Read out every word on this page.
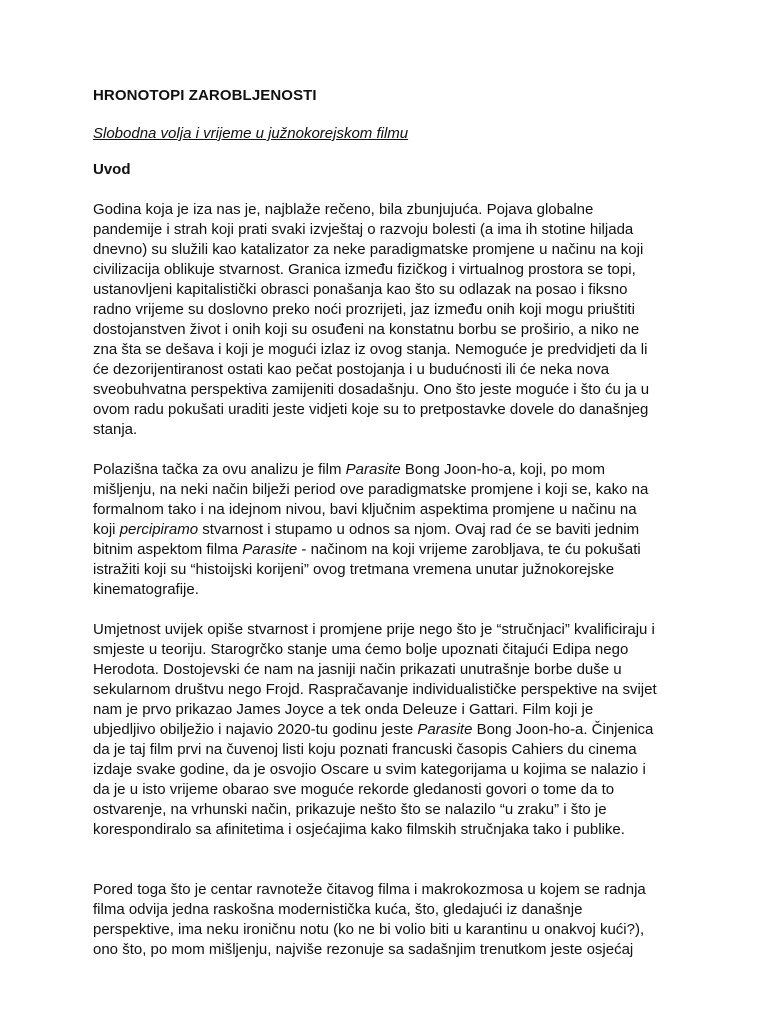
HRONOTOPI ZAROBLJENOSTI

Slobodna volja i vrijeme u južnokorejskom filmu

Uvod
Godina koja je iza nas je, najblaže rečeno, bila zbunjujuća. Pojava globalne
pandemije i strah koji prati svaki izvještaj o razvoju bolesti (a ima ih stotine hiljada
dnevno) su služili kao katalizator za neke paradigmatske promjene u načinu na koji
civilizacija oblikuje stvarnost. Granica između fizičkog i virtualnog prostora se topi,
ustanovljeni kapitalistički obrasci ponašanja kao što su odlazak na posao i fiksno
radno vrijeme su doslovno preko noći prozrijeti, jaz između onih koji mogu priuštiti
dostojanstven život i onih koji su osuđeni na konstatnu borbu se proširio, a niko ne
zna šta se dešava i koji je mogući izlaz iz ovog stanja. Nemoguće je predvidjeti da li
će dezorijentiranost ostati kao pečat postojanja i u budućnosti ili će neka nova
sveobuhvatna perspektiva zamijeniti dosadašnju. Ono što jeste moguće i što ću ja u
ovom radu pokušati uraditi jeste vidjeti koje su to pretpostavke dovele do današnjeg
stanja.
Polazišna tačka za ovu analizu je film Parasite Bong Joon-ho-a, koji, po mom
mišljenju, na neki način bilježi period ove paradigmatske promjene i koji se, kako na
formalnom tako i na idejnom nivou, bavi ključnim aspektima promjene u načinu na
koji percipiramo stvarnost i stupamo u odnos sa njom. Ovaj rad će se baviti jednim
bitnim aspektom filma Parasite - načinom na koji vrijeme zarobljava, te ću pokušati
istražiti koji su “histoijski korijeni” ovog tretmana vremena unutar južnokorejske
kinematografije.
Umjetnost uvijek opiše stvarnost i promjene prije nego što je “stručnjaci” kvalificiraju i
smjeste u teoriju. Starogrčko stanje uma ćemo bolje upoznati čitajući Edipa nego
Herodota. Dostojevski će nam na jasniji način prikazati unutrašnje borbe duše u
sekularnom društvu nego Frojd. Raspračavanje individualističke perspektive na svijet
nam je prvo prikazao James Joyce a tek onda Deleuze i Gattari. Film koji je
ubjedljivo obilježio i najavio 2020-tu godinu jeste Parasite Bong Joon-ho-a. Činjenica
da je taj film prvi na čuvenoj listi koju poznati francuski časopis Cahiers du cinema
izdaje svake godine, da je osvojio Oscare u svim kategorijama u kojima se nalazio i
da je u isto vrijeme obarao sve moguće rekorde gledanosti govori o tome da to
ostvarenje, na vrhunski način, prikazuje nešto što se nalazilo “u zraku” i što je
korespondiralo sa afinitetima i osjećajima kako filmskih stručnjaka tako i publike.
Pored toga što je centar ravnoteže čitavog filma i makrokozmosa u kojem se radnja
filma odvija jedna raskošna modernistička kuća, što, gledajući iz današnje
perspektive, ima neku ironičnu notu (ko ne bi volio biti u karantinu u onakvoj kući?),
ono što, po mom mišljenju, najviše rezonuje sa sadašnjim trenutkom jeste osjećaj
